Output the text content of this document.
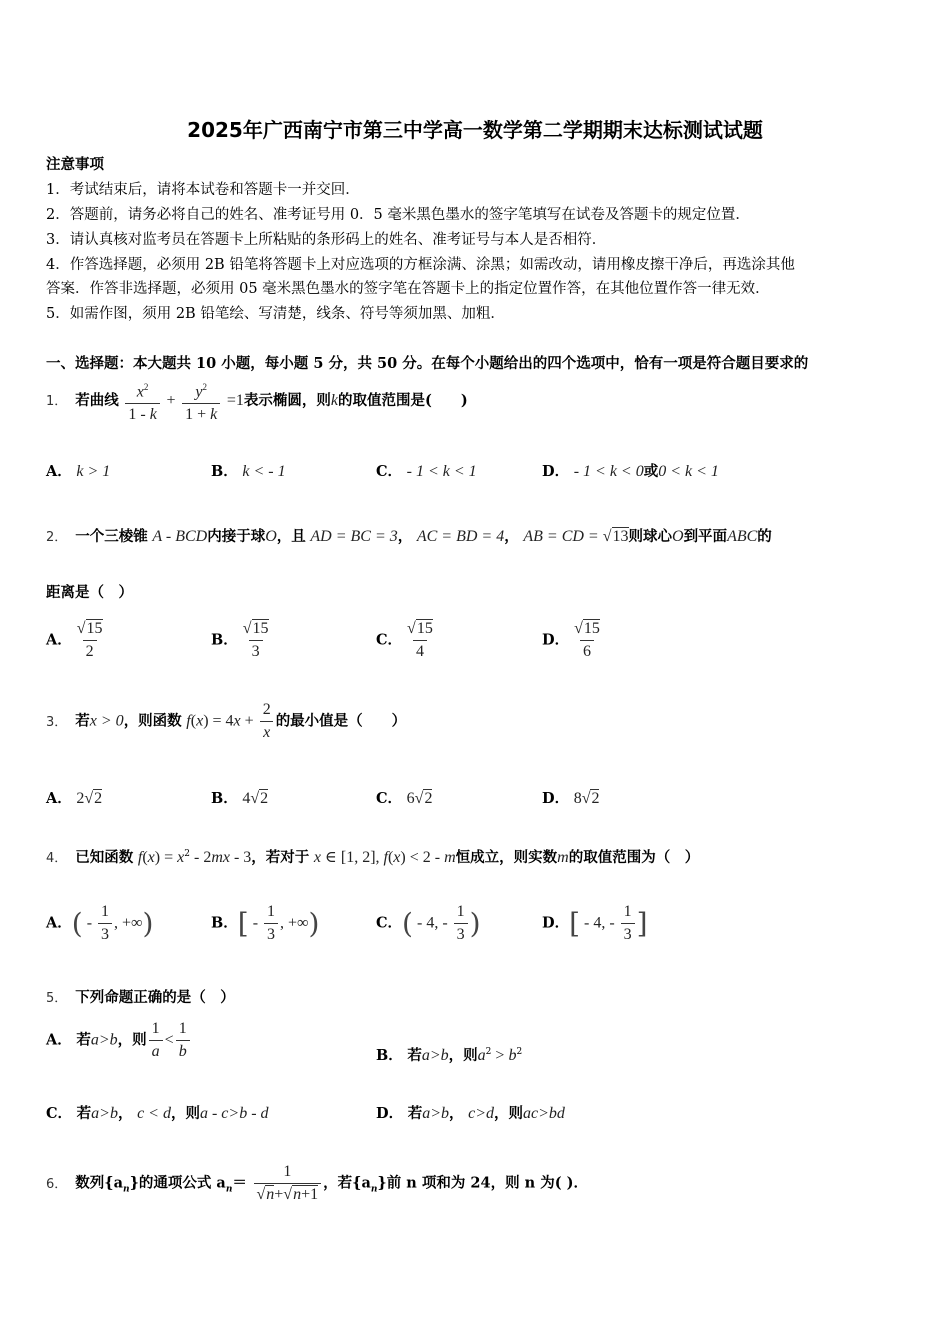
2025年广西南宁市第三中学高一数学第二学期期末达标测试试题
注意事项
1．考试结束后，请将本试卷和答题卡一并交回．
2．答题前，请务必将自己的姓名、准考证号用 0．5 毫米黑色墨水的签字笔填写在试卷及答题卡的规定位置．
3．请认真核对监考员在答题卡上所粘贴的条形码上的姓名、准考证号与本人是否相符．
4．作答选择题，必须用 2B 铅笔将答题卡上对应选项的方框涂满、涂黑；如需改动，请用橡皮擦干净后，再选涂其他
答案．作答非选择题，必须用 05 毫米黑色墨水的签字笔在答题卡上的指定位置作答，在其他位置作答一律无效．
5．如需作图，须用 2B 铅笔绘、写清楚，线条、符号等须加黑、加粗．
一、选择题：本大题共 10 小题，每小题 5 分，共 50 分。在每个小题给出的四个选项中，恰有一项是符合题目要求的
1． 若曲线 $\frac{x^2}{1 - k} + \frac{y^2}{1 + k} =1$表示椭圆，则k的取值范围是(　　)
A． k > 1	B． k < - 1	C． - 1 < k < 1	D． - 1 < k < 0或0 < k < 1
2． 一个三棱锥 A - BCD内接于球O，且 AD = BC = 3， AC = BD = 4， AB = CD = √13则球心O到平面ABC的
距离是（　）
A． $\frac{√15}{2}$	B． $\frac{√15}{3}$	C． $\frac{√15}{4}$	D． $\frac{√15}{6}$
3． 若x > 0，则函数 $f(x) = 4x + \frac{2}{x}$ 的最小值是（　　）
A． 2√2	B． 4√2	C． 6√2	D． 8√2
4． 已知函数 $f(x) = x^2 - 2mx - 3$，若对于 x ∈ [1, 2], f(x) < 2 - m恒成立，则实数m的取值范围为（　）
A．( - $\frac{1}{3}$ , +∞)	B．[ - $\frac{1}{3}$ , +∞)	C．( - 4, - $\frac{1}{3}$ )	D．[ - 4, - $\frac{1}{3}$ ]
5． 下列命题正确的是（　）
A． 若a>b，则 $\frac{1}{a} < \frac{1}{b}$	B． 若a>b，则$a^2 > b^2$
C． 若a>b， c < d，则a - c>b - d	D． 若a>b， c>d，则ac>bd
6． 数列$\{a_n\}$的通项公式 $a_n= \frac{1}{√n+√n+1}$ ，若$\{a_n\}$前 n 项和为 24，则 n 为( )．
